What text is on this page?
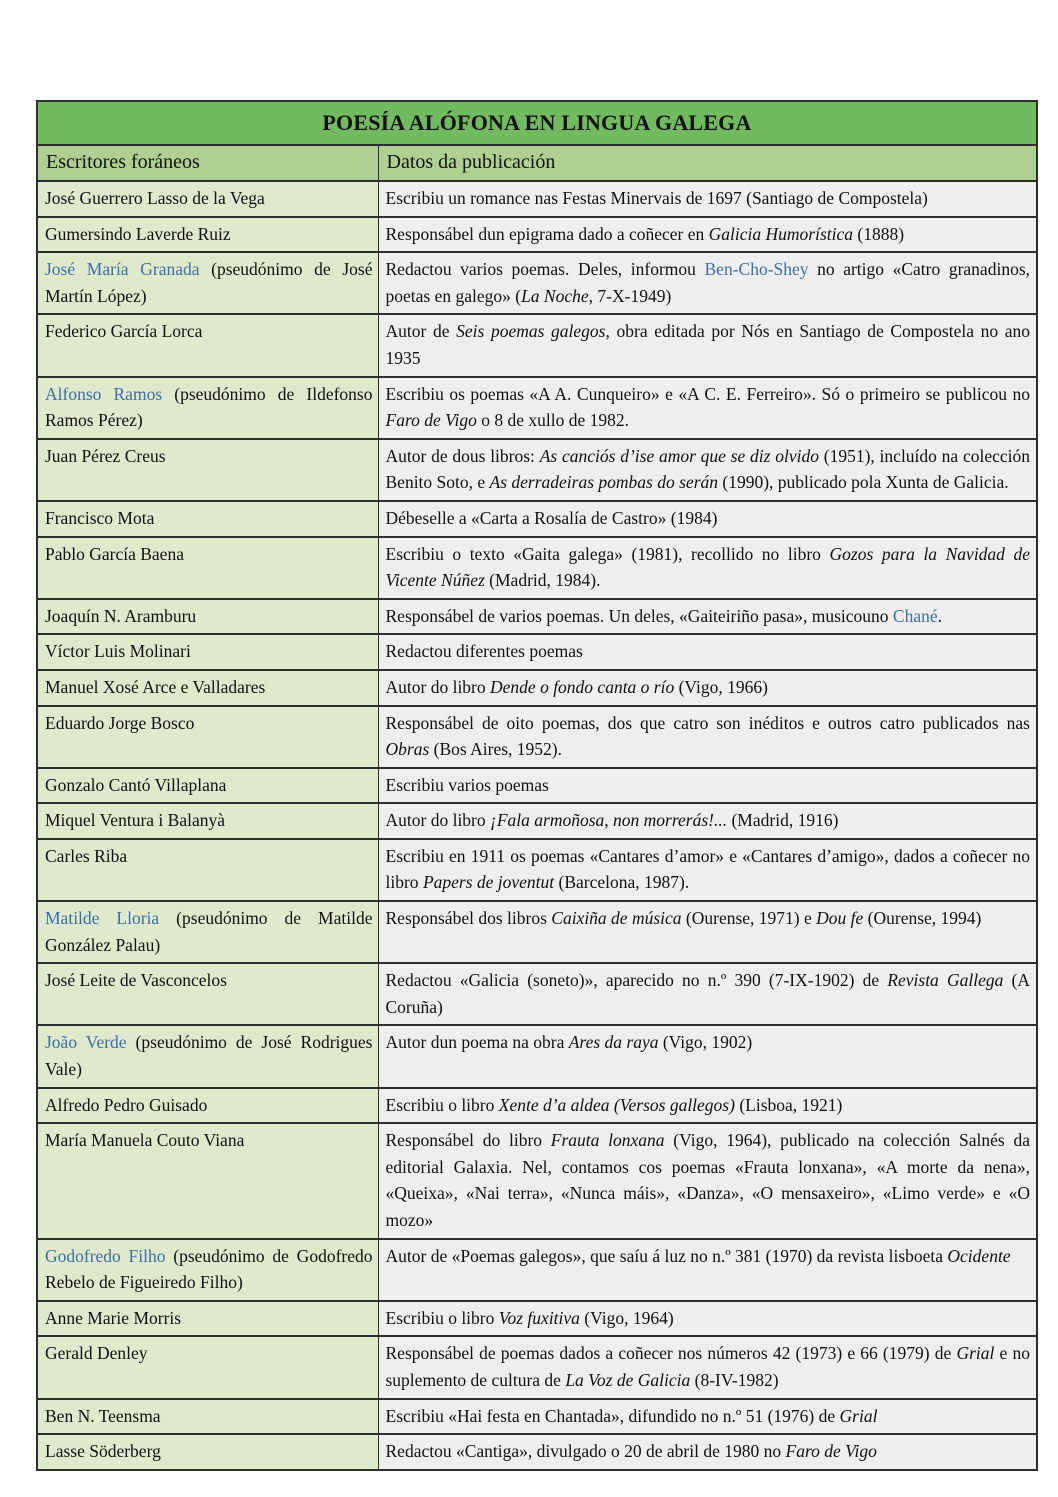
POESÍA ALÓFONA EN LINGUA GALEGA	
Escritores foráneos	Datos da publicación
José Guerrero Lasso de la Vega	Escribiu un romance nas Festas Minervais de 1697 (Santiago de Compostela)
Gumersindo Laverde Ruiz	Responsábel dun epigrama dado a coñecer en Galicia Humorística (1888)
José María Granada (pseudónimo de José Martín López)	Redactou varios poemas. Deles, informou Ben-Cho-Shey no artigo «Catro granadinos, poetas en galego» (La Noche, 7-X-1949)
Federico García Lorca	Autor de Seis poemas galegos, obra editada por Nós en Santiago de Compostela no ano 1935
Alfonso Ramos (pseudónimo de Ildefonso Ramos Pérez)	Escribiu os poemas «A A. Cunqueiro» e «A C. E. Ferreiro». Só o primeiro se publicou no Faro de Vigo o 8 de xullo de 1982.
Juan Pérez Creus	Autor de dous libros: As canciós d’ise amor que se diz olvido (1951), incluído na colección Benito Soto, e As derradeiras pombas do serán (1990), publicado pola Xunta de Galicia.
Francisco Mota	Débeselle a «Carta a Rosalía de Castro» (1984)
Pablo García Baena	Escribiu o texto «Gaita galega» (1981), recollido no libro Gozos para la Navidad de Vicente Núñez (Madrid, 1984).
Joaquín N. Aramburu	Responsábel de varios poemas. Un deles, «Gaiteiriño pasa», musicouno Chané.
Víctor Luis Molinari	Redactou diferentes poemas
Manuel Xosé Arce e Valladares	Autor do libro Dende o fondo canta o río (Vigo, 1966)
Eduardo Jorge Bosco	Responsábel de oito poemas, dos que catro son inéditos e outros catro publicados nas Obras (Bos Aires, 1952).
Gonzalo Cantó Villaplana	Escribiu varios poemas
Miquel Ventura i Balanyà	Autor do libro ¡Fala armoñosa, non morrerás!... (Madrid, 1916)
Carles Riba	Escribiu en 1911 os poemas «Cantares d’amor» e «Cantares d’amigo», dados a coñecer no libro Papers de joventut (Barcelona, 1987).
Matilde Lloria (pseudónimo de Matilde González Palau)	Responsábel dos libros Caixiña de música (Ourense, 1971) e Dou fe (Ourense, 1994)
José Leite de Vasconcelos	Redactou «Galicia (soneto)», aparecido no n.º 390 (7-IX-1902) de Revista Gallega (A Coruña)
João Verde (pseudónimo de José Rodrigues Vale)	Autor dun poema na obra Ares da raya (Vigo, 1902)
Alfredo Pedro Guisado	Escribiu o libro Xente d’a aldea (Versos gallegos) (Lisboa, 1921)
María Manuela Couto Viana	Responsábel do libro Frauta lonxana (Vigo, 1964), publicado na colección Salnés da editorial Galaxia. Nel, contamos cos poemas «Frauta lonxana», «A morte da nena», «Queixa», «Nai terra», «Nunca máis», «Danza», «O mensaxeiro», «Limo verde» e «O mozo»
Godofredo Filho (pseudónimo de Godofredo Rebelo de Figueiredo Filho)	Autor de «Poemas galegos», que saíu á luz no n.º 381 (1970) da revista lisboeta Ocidente
Anne Marie Morris	Escribiu o libro Voz fuxitiva (Vigo, 1964)
Gerald Denley	Responsábel de poemas dados a coñecer nos números 42 (1973) e 66 (1979) de Grial e no suplemento de cultura de La Voz de Galicia (8-IV-1982)
Ben N. Teensma	Escribiu «Hai festa en Chantada», difundido no n.º 51 (1976) de Grial
Lasse Söderberg	Redactou «Cantiga», divulgado o 20 de abril de 1980 no Faro de Vigo
